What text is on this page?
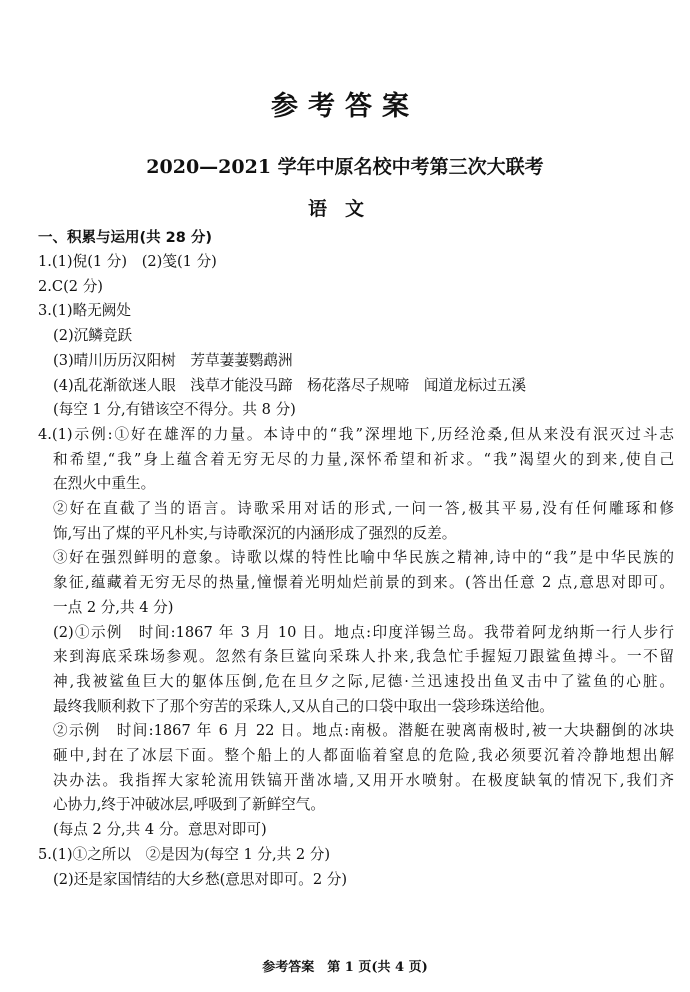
参考答案
2020—2021 学年中原名校中考第三次大联考
语文
一、积累与运用(共 28 分)
1.(1)倪(1 分)　(2)笺(1 分)
2.C(2 分)
3.(1)略无阙处
(2)沉鳞竞跃
(3)晴川历历汉阳树　芳草萋萋鹦鹉洲
(4)乱花渐欲迷人眼　浅草才能没马蹄　杨花落尽子规啼　闻道龙标过五溪
(每空 1 分,有错该空不得分。共 8 分)
4.(1)示例:①好在雄浑的力量。本诗中的“我”深埋地下,历经沧桑,但从来没有泯灭过斗志
和希望,“我”身上蕴含着无穷无尽的力量,深怀希望和祈求。“我”渴望火的到来,使自己
在烈火中重生。
②好在直截了当的语言。诗歌采用对话的形式,一问一答,极其平易,没有任何雕琢和修
饰,写出了煤的平凡朴实,与诗歌深沉的内涵形成了强烈的反差。
③好在强烈鲜明的意象。诗歌以煤的特性比喻中华民族之精神,诗中的“我”是中华民族的
象征,蕴藏着无穷无尽的热量,憧憬着光明灿烂前景的到来。(答出任意 2 点,意思对即可。
一点 2 分,共 4 分)
(2)①示例　时间:1867 年 3 月 10 日。地点:印度洋锡兰岛。我带着阿龙纳斯一行人步行
来到海底采珠场参观。忽然有条巨鲨向采珠人扑来,我急忙手握短刀跟鲨鱼搏斗。一不留
神,我被鲨鱼巨大的躯体压倒,危在旦夕之际,尼德·兰迅速投出鱼叉击中了鲨鱼的心脏。
最终我顺利救下了那个穷苦的采珠人,又从自己的口袋中取出一袋珍珠送给他。
②示例　时间:1867 年 6 月 22 日。地点:南极。潜艇在驶离南极时,被一大块翻倒的冰块
砸中,封在了冰层下面。整个船上的人都面临着窒息的危险,我必须要沉着冷静地想出解
决办法。我指挥大家轮流用铁镐开凿冰墙,又用开水喷射。在极度缺氧的情况下,我们齐
心协力,终于冲破冰层,呼吸到了新鲜空气。
(每点 2 分,共 4 分。意思对即可)
5.(1)①之所以　②是因为(每空 1 分,共 2 分)
(2)还是家国情结的大乡愁(意思对即可。2 分)
参考答案　第 1 页(共 4 页)
